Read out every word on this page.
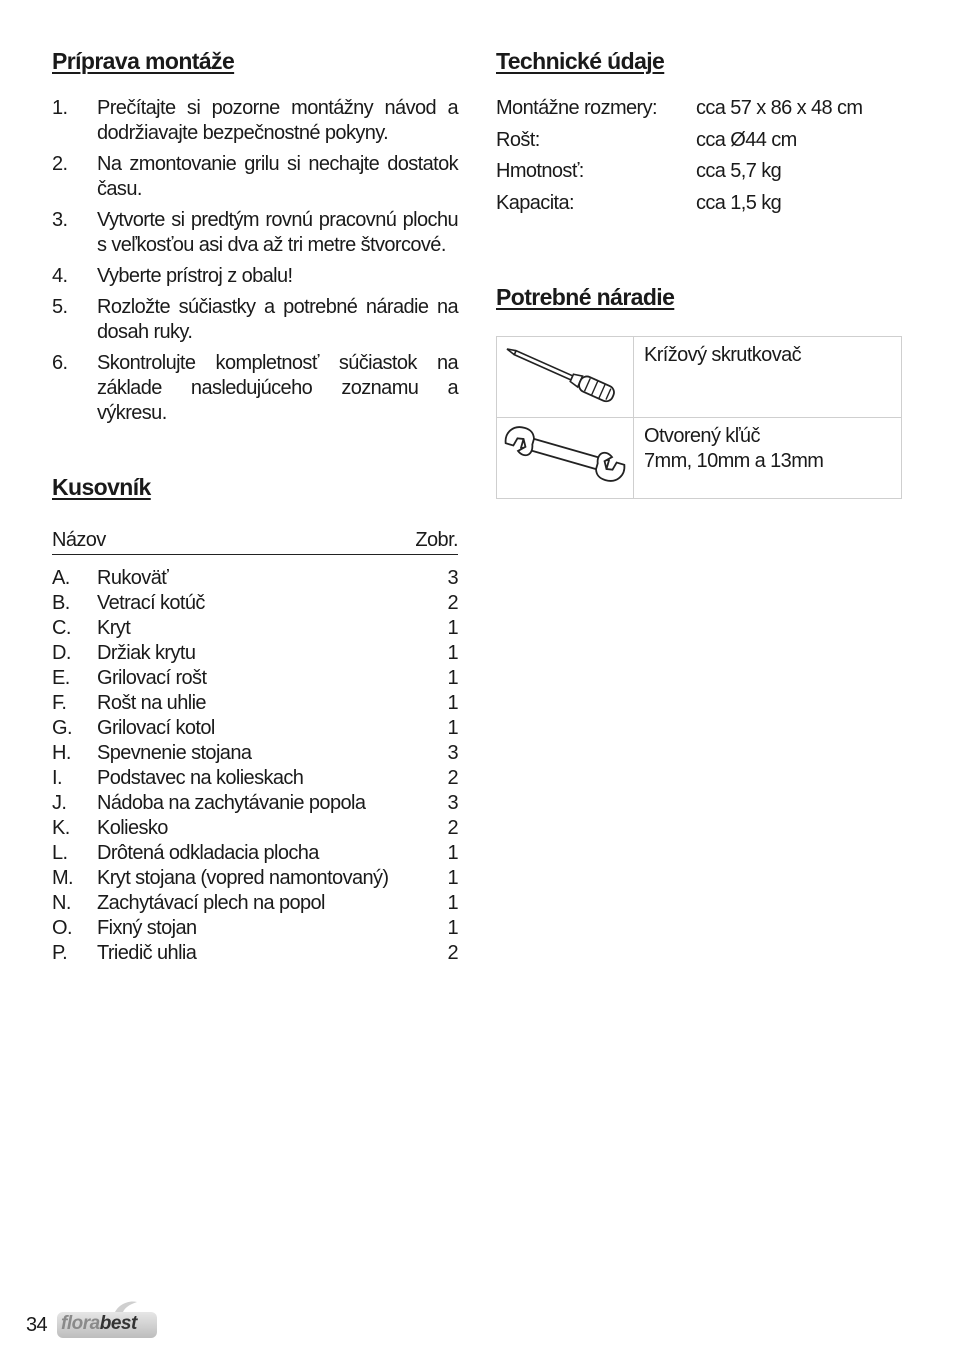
Príprava montáže
1.	Prečítajte si pozorne montážny návod a dodržiavajte bezpečnostné pokyny.
2.	Na zmontovanie grilu si nechajte dostatok času.
3.	Vytvorte si predtým rovnú pracovnú plochu s veľkosťou asi dva až tri metre štvorcové.
4.	Vyberte prístroj z obalu!
5.	Rozložte súčiastky a potrebné náradie na dosah ruky.
6.	Skontrolujte kompletnosť súčiastok na základe nasledujúceho zoznamu a výkresu.
Kusovník
Názov	Zobr.
A.	Rukoväť	3
B.	Vetrací kotúč	2
C.	Kryt	1
D.	Držiak krytu	1
E.	Grilovací rošt	1
F.	Rošt na uhlie	1
G.	Grilovací kotol	1
H.	Spevnenie stojana	3
I.	Podstavec na kolieskach	2
J.	Nádoba na zachytávanie popola	3
K.	Koliesko	2
L.	Drôtená odkladacia plocha	1
M.	Kryt stojana (vopred namontovaný)	1
N.	Zachytávací plech na popol	1
O.	Fixný stojan	1
P.	Triedič uhlia	2
Technické údaje
Montážne rozmery:	cca 57 x 86 x 48 cm
Rošt:	cca Ø44 cm
Hmotnosť:	cca 5,7 kg
Kapacita:	cca 1,5 kg
Potrebné náradie

Krížový skrutkovač

Otvorený kľúč
7mm, 10mm a 13mm
34 florabest
